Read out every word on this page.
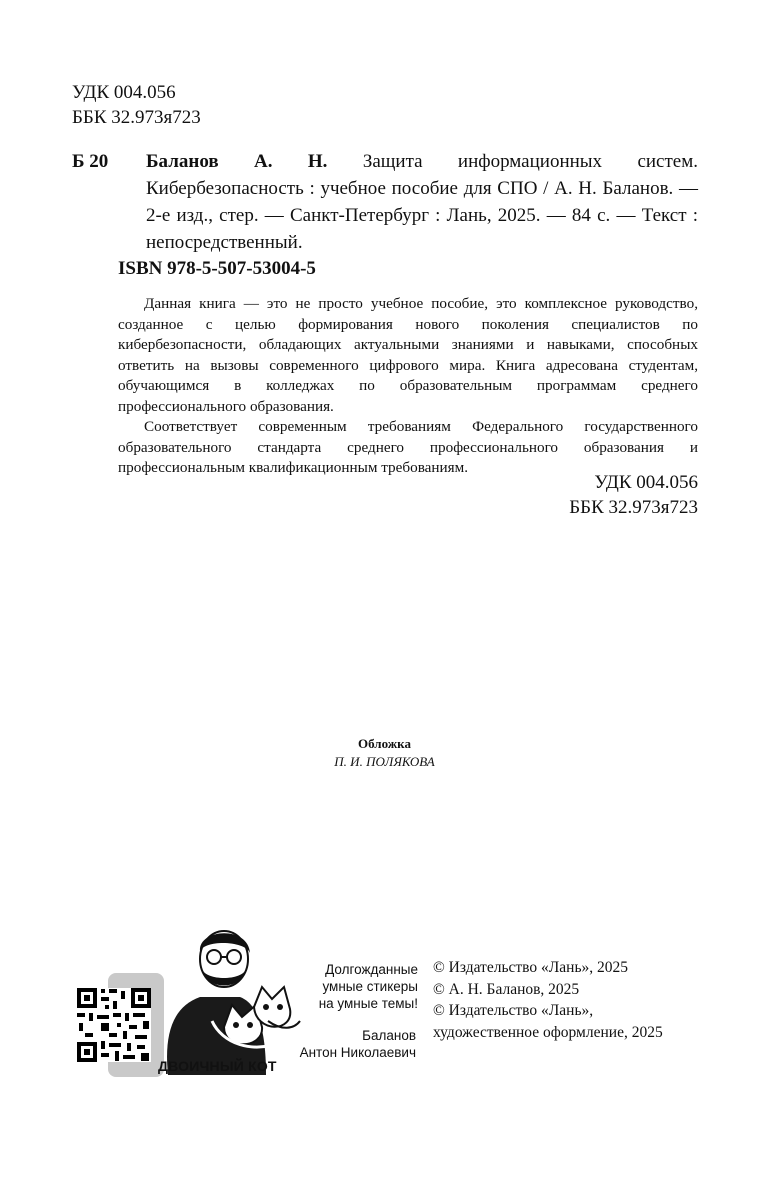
УДК 004.056
ББК 32.973я723
Б 20 Баланов А. Н. Защита информационных систем. Кибербезопасность : учебное пособие для СПО / А. Н. Баланов. — 2-е изд., стер. — Санкт-Петербург : Лань, 2025. — 84 с. — Текст : непосредственный.
ISBN 978-5-507-53004-5

Данная книга — это не просто учебное пособие, это комплексное руководство, созданное с целью формирования нового поколения специалистов по кибербезопасности, обладающих актуальными знаниями и навыками, способных ответить на вызовы современного цифрового мира. Книга адресована студентам, обучающимся в колледжах по образовательным программам среднего профессионального образования.

Соответствует современным требованиям Федерального государственного образовательного стандарта среднего профессионального образования и профессиональным квалификационным требованиям.

УДК 004.056
ББК 32.973я723
Обложка
П. И. ПОЛЯКОВА
Долгожданные
умные стикеры
на умные темы!
Баланов
Антон Николаевич
ДВОИЧНЫЙ КОТ
© Издательство «Лань», 2025
© А. Н. Баланов, 2025
© Издательство «Лань»,
художественное оформление, 2025
